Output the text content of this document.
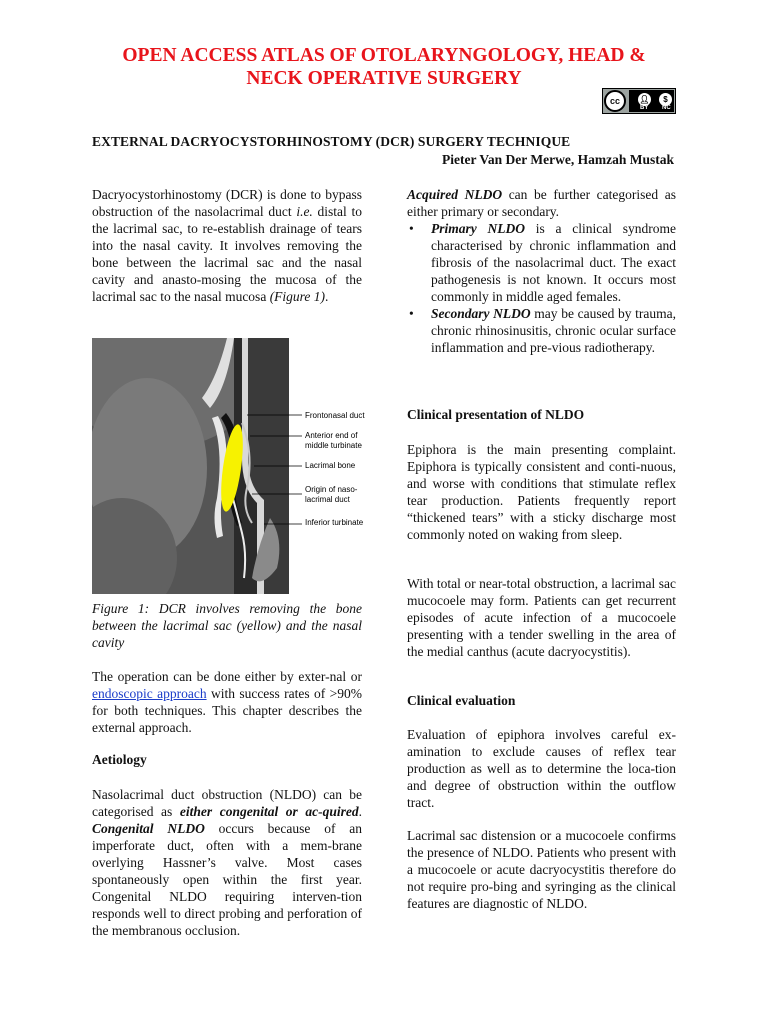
OPEN ACCESS ATLAS OF OTOLARYNGOLOGY, HEAD &
NECK OPERATIVE SURGERY
cc	👤︎	$
BY NC
EXTERNAL DACRYOCYSTORHINOSTOMY (DCR) SURGERY TECHNIQUE
Pieter Van Der Merwe, Hamzah Mustak

Dacryocystorhinostomy (DCR) is done to bypass obstruction of the nasolacrimal duct i.e. distal to the lacrimal sac, to re-establish drainage of tears into the nasal cavity. It involves removing the bone between the lacrimal sac and the nasal cavity and anasto-mosing the mucosa of the lacrimal sac to the nasal mucosa (Figure 1).

Frontonasal duct
Anterior end of
middle turbinate
Lacrimal bone
Origin of naso-
lacrimal duct
Inferior turbinate
Figure 1: DCR involves removing the bone between the lacrimal sac (yellow) and the nasal cavity

The operation can be done either by exter-nal or endoscopic approach with success rates of >90% for both techniques. This chapter describes the external approach.

Aetiology

Nasolacrimal duct obstruction (NLDO) can be categorised as either congenital or ac-quired. Congenital NLDO occurs because of an imperforate duct, often with a mem-brane overlying Hassner’s valve. Most cases spontaneously open within the first year. Congenital NLDO requiring interven-tion responds well to direct probing and perforation of the membranous occlusion.

Acquired NLDO can be further categorised as either primary or secondary.

• Primary NLDO is a clinical syndrome characterised by chronic inflammation and fibrosis of the nasolacrimal duct. The exact pathogenesis is not known. It occurs most commonly in middle aged females.
• Secondary NLDO may be caused by trauma, chronic rhinosinusitis, chronic ocular surface inflammation and pre-vious radiotherapy.
Clinical presentation of NLDO
Epiphora is the main presenting complaint. Epiphora is typically consistent and conti-nuous, and worse with conditions that stimulate reflex tear production. Patients frequently report “thickened tears” with a sticky discharge most commonly noted on waking from sleep.
With total or near-total obstruction, a lacrimal sac mucocoele may form. Patients can get recurrent episodes of acute infection of a mucocoele presenting with a tender swelling in the area of the medial canthus (acute dacryocystitis).
Clinical evaluation
Evaluation of epiphora involves careful ex-amination to exclude causes of reflex tear production as well as to determine the loca-tion and degree of obstruction within the outflow tract.
Lacrimal sac distension or a mucocoele confirms the presence of NLDO. Patients who present with a mucocoele or acute dacryocystitis therefore do not require pro-bing and syringing as the clinical features are diagnostic of NLDO.
